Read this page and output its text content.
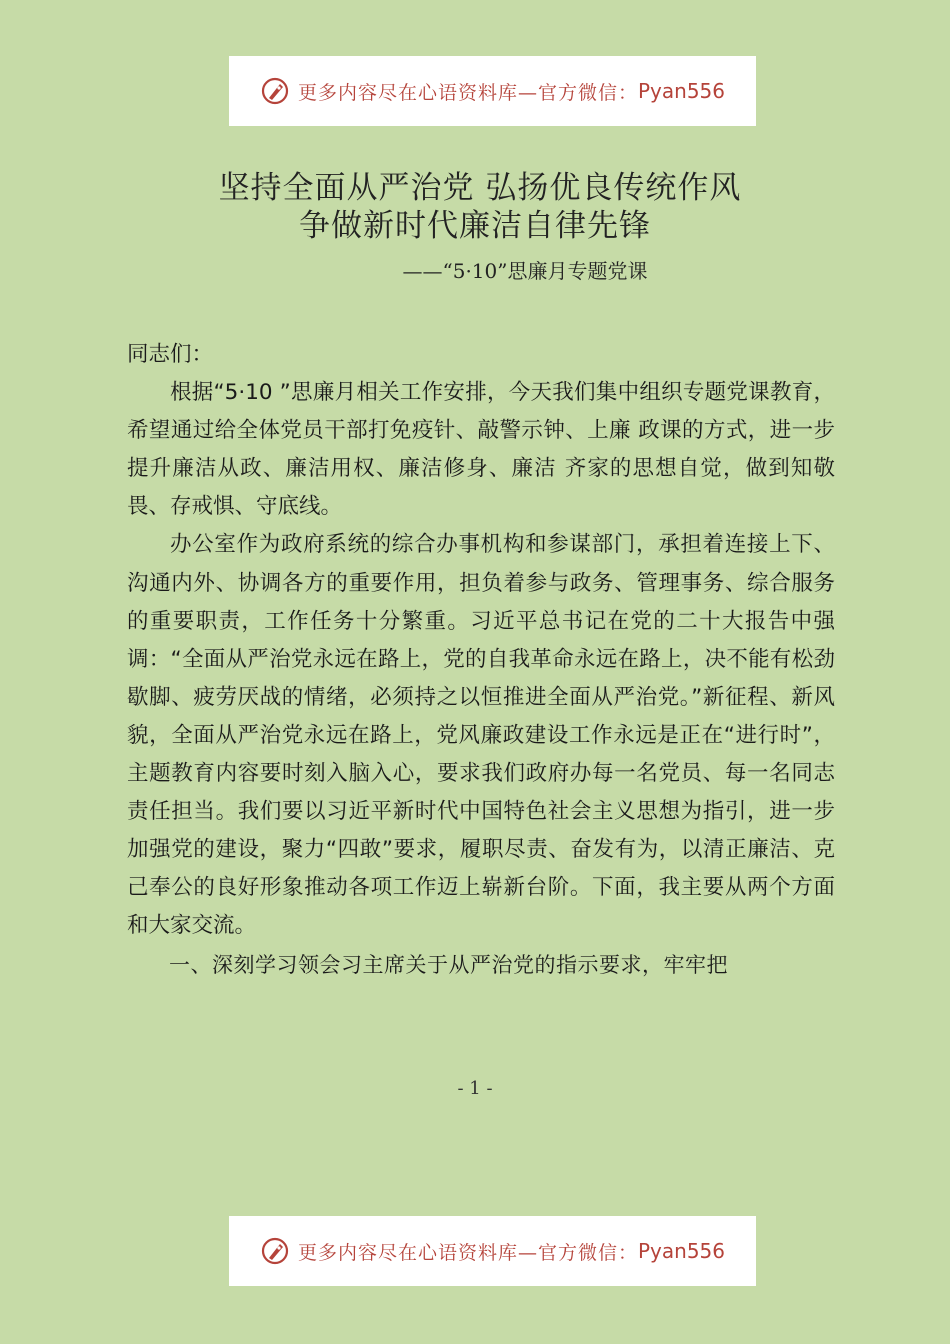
更多内容尽在心语资料库—官方微信： Pyan556
坚持全面从严治党 弘扬优良传统作风
争做新时代廉洁自律先锋
——“5·10”思廉月专题党课

同志们：

根据“5·10 ”思廉月相关工作安排，今天我们集中组织专题党课教育，希望通过给全体党员干部打免疫针、敲警示钟、上廉 政课的方式，进一步提升廉洁从政、廉洁用权、廉洁修身、廉洁 齐家的思想自觉，做到知敬畏、存戒惧、守底线。

办公室作为政府系统的综合办事机构和参谋部门，承担着连接上下、沟通内外、协调各方的重要作用，担负着参与政务、管理事务、综合服务的重要职责，工作任务十分繁重。习近平总书记在党的二十大报告中强调：“全面从严治党永远在路上，党的自我革命永远在路上，决不能有松劲歇脚、疲劳厌战的情绪，必须持之以恒推进全面从严治党。”新征程、新风貌，全面从严治党永远在路上，党风廉政建设工作永远是正在“进行时”，主题教育内容要时刻入脑入心，要求我们政府办每一名党员、每一名同志责任担当。我们要以习近平新时代中国特色社会主义思想为指引，进一步加强党的建设，聚力“四敢”要求，履职尽责、奋发有为，以清正廉洁、克己奉公的良好形象推动各项工作迈上崭新台阶。下面，我主要从两个方面和大家交流。

一、深刻学习领会习主席关于从严治党的指示要求，牢牢把

- 1 -
更多内容尽在心语资料库—官方微信： Pyan556
